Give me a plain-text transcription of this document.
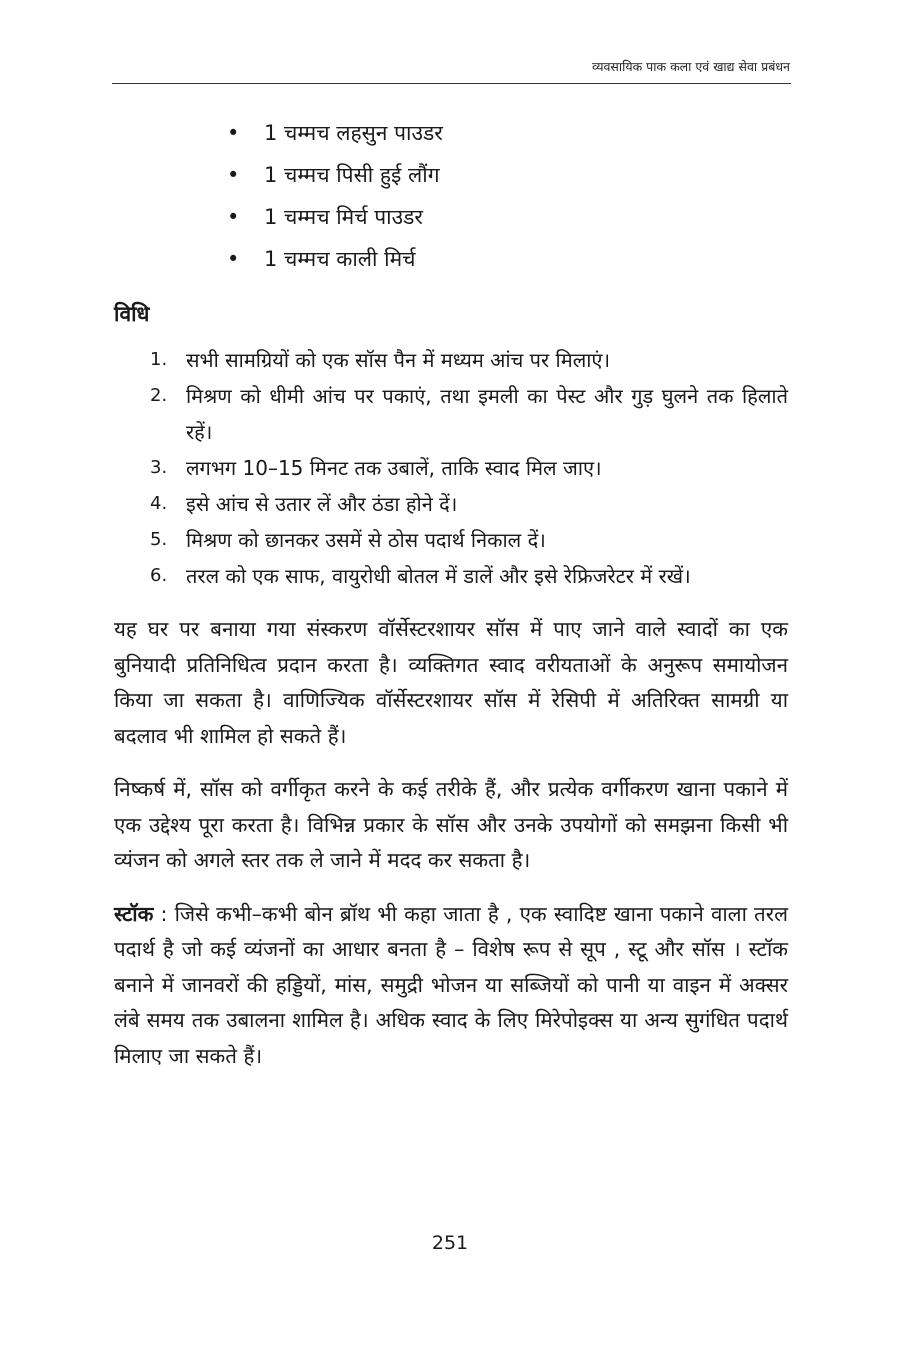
व्यवसायिक पाक कला एवं खाद्य सेवा प्रबंधन
• 1 चम्मच लहसुन पाउडर
• 1 चम्मच पिसी हुई लौंग
• 1 चम्मच मिर्च पाउडर
• 1 चम्मच काली मिर्च
विधि
1. सभी सामग्रियों को एक सॉस पैन में मध्यम आंच पर मिलाएं।
2. मिश्रण को धीमी आंच पर पकाएं, तथा इमली का पेस्ट और गुड़ घुलने तक हिलाते रहें।
3. लगभग 10–15 मिनट तक उबालें, ताकि स्वाद मिल जाए।
4. इसे आंच से उतार लें और ठंडा होने दें।
5. मिश्रण को छानकर उसमें से ठोस पदार्थ निकाल दें।
6. तरल को एक साफ, वायुरोधी बोतल में डालें और इसे रेफ्रिजरेटर में रखें।

यह घर पर बनाया गया संस्करण वॉर्सेस्टरशायर सॉस में पाए जाने वाले स्वादों का एक बुनियादी प्रतिनिधित्व प्रदान करता है। व्यक्तिगत स्वाद वरीयताओं के अनुरूप समायोजन किया जा सकता है। वाणिज्यिक वॉर्सेस्टरशायर सॉस में रेसिपी में अतिरिक्त सामग्री या बदलाव भी शामिल हो सकते हैं।

निष्कर्ष में, सॉस को वर्गीकृत करने के कई तरीके हैं, और प्रत्येक वर्गीकरण खाना पकाने में एक उद्देश्य पूरा करता है। विभिन्न प्रकार के सॉस और उनके उपयोगों को समझना किसी भी व्यंजन को अगले स्तर तक ले जाने में मदद कर सकता है।

स्टॉक : जिसे कभी–कभी बोन ब्रॉथ भी कहा जाता है , एक स्वादिष्ट खाना पकाने वाला तरल पदार्थ है जो कई व्यंजनों का आधार बनता है – विशेष रूप से सूप , स्टू और सॉस । स्टॉक बनाने में जानवरों की हड्डियों, मांस, समुद्री भोजन या सब्जियों को पानी या वाइन में अक्सर लंबे समय तक उबालना शामिल है। अधिक स्वाद के लिए मिरेपोइक्स या अन्य सुगंधित पदार्थ मिलाए जा सकते हैं।

251
